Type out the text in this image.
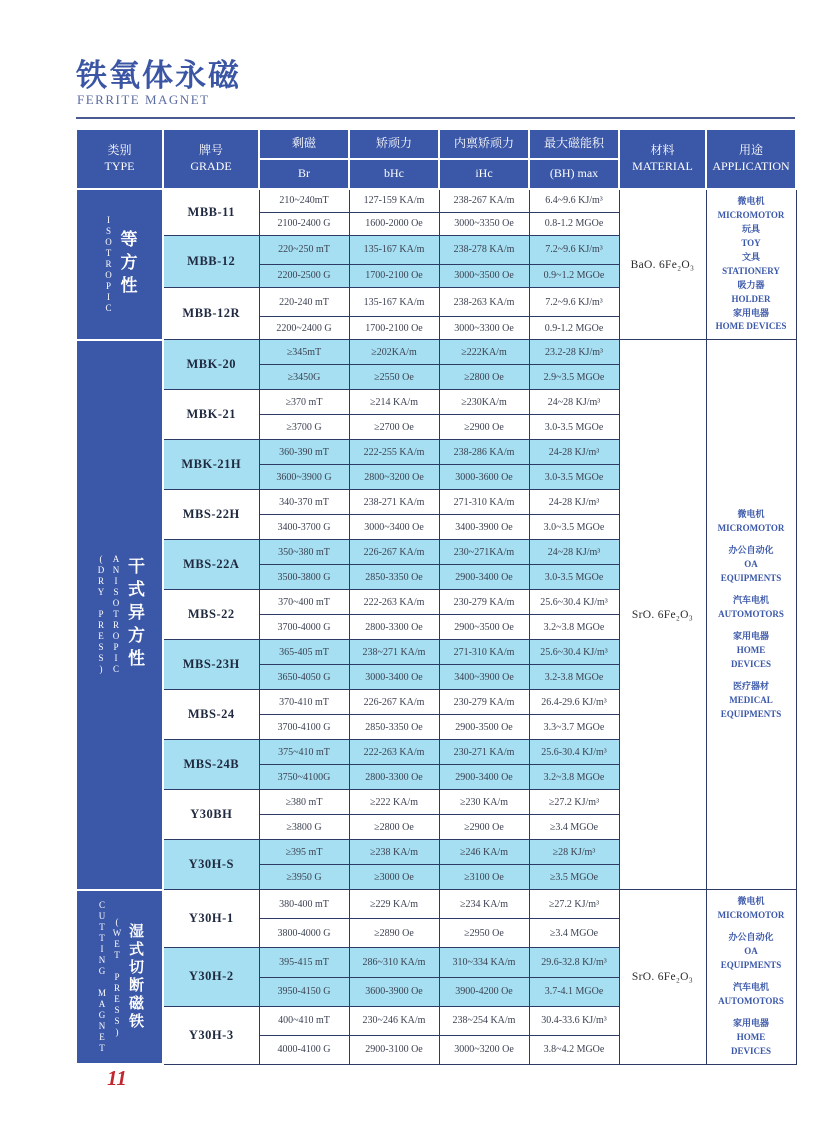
铁氧体永磁
FERRITE MAGNET
类别
TYPE

牌号
GRADE
	剩磁	矫顽力	内禀矫顽力	最大磁能积	
材料
MATERIAL

用途
APPLICATION

		Br	bHc	iHc	(BH) max		

ISOTROPIC 等方性
	MBB-11	210~240mT	127-159 KA/m	238-267 KA/m	6.4~9.6 KJ/m³	BaO. 6Fe₂O₃	
微电机
MICROMOTOR
玩具
TOY
文具
STATIONERY
吸力器
HOLDER
家用电器
HOME DEVICES

		2100-2400 G	1600-2000 Oe	3000~3350 Oe	0.8-1.2 MGOe		
	MBB-12	220~250 mT	135-167 KA/m	238-278 KA/m	7.2~9.6 KJ/m³		
		2200-2500 G	1700-2100 Oe	3000~3500 Oe	0.9~1.2 MGOe		
	MBB-12R	220-240 mT	135-167 KA/m	238-263 KA/m	7.2~9.6 KJ/m³		
		2200~2400 G	1700-2100 Oe	3000~3300 Oe	0.9-1.2 MGOe		

(DRY PRESS) ANISOTROPIC 干式异方性
	MBK-20	≥345mT	≥202KA/m	≥222KA/m	23.2-28 KJ/m³	SrO. 6Fe₂O₃	
微电机
MICROMOTOR
办公自动化
OA
EQUIPMENTS
汽车电机
AUTOMOTORS
家用电器
HOME
DEVICES
医疗器材
MEDICAL
EQUIPMENTS

		≥3450G	≥2550 Oe	≥2800 Oe	2.9~3.5 MGOe		
	MBK-21	≥370 mT	≥214 KA/m	≥230KA/m	24~28 KJ/m³		
		≥3700 G	≥2700 Oe	≥2900 Oe	3.0-3.5 MGOe		
	MBK-21H	360-390 mT	222-255 KA/m	238-286 KA/m	24-28 KJ/m³		
		3600~3900 G	2800~3200 Oe	3000-3600 Oe	3.0-3.5 MGOe		
	MBS-22H	340-370 mT	238-271 KA/m	271-310 KA/m	24-28 KJ/m³		
		3400-3700 G	3000~3400 Oe	3400-3900 Oe	3.0~3.5 MGOe		
	MBS-22A	350~380 mT	226-267 KA/m	230~271KA/m	24~28 KJ/m³		
		3500-3800 G	2850-3350 Oe	2900-3400 Oe	3.0-3.5 MGOe		
	MBS-22	370~400 mT	222-263 KA/m	230-279 KA/m	25.6~30.4 KJ/m³		
		3700-4000 G	2800-3300 Oe	2900~3500 Oe	3.2~3.8 MGOe		
	MBS-23H	365-405 mT	238~271 KA/m	271-310 KA/m	25.6~30.4 KJ/m³		
		3650-4050 G	3000-3400 Oe	3400~3900 Oe	3.2-3.8 MGOe		
	MBS-24	370-410 mT	226-267 KA/m	230-279 KA/m	26.4-29.6 KJ/m³		
		3700-4100 G	2850-3350 Oe	2900-3500 Oe	3.3~3.7 MGOe		
	MBS-24B	375~410 mT	222-263 KA/m	230-271 KA/m	25.6-30.4 KJ/m³		
		3750~4100G	2800-3300 Oe	2900-3400 Oe	3.2~3.8 MGOe		
	Y30BH	≥380 mT	≥222 KA/m	≥230 KA/m	≥27.2 KJ/m³		
		≥3800 G	≥2800 Oe	≥2900 Oe	≥3.4 MGOe		
	Y30H-S	≥395 mT	≥238 KA/m	≥246 KA/m	≥28 KJ/m³		
		≥3950 G	≥3000 Oe	≥3100 Oe	≥3.5 MGOe		

CUTTING MAGNET (WET PRESS) 湿式切断磁铁
	Y30H-1	380-400 mT	≥229 KA/m	≥234 KA/m	≥27.2 KJ/m³	SrO. 6Fe₂O₃	
微电机
MICROMOTOR
办公自动化
OA
EQUIPMENTS
汽车电机
AUTOMOTORS
家用电器
HOME
DEVICES

		3800-4000 G	≥2890 Oe	≥2950 Oe	≥3.4 MGOe		
	Y30H-2	395-415 mT	286~310 KA/m	310~334 KA/m	29.6-32.8 KJ/m³		
		3950-4150 G	3600-3900 Oe	3900-4200 Oe	3.7-4.1 MGOe		
	Y30H-3	400~410 mT	230~246 KA/m	238~254 KA/m	30.4-33.6 KJ/m³		
		4000-4100 G	2900-3100 Oe	3000~3200 Oe	3.8~4.2 MGOe		
11
